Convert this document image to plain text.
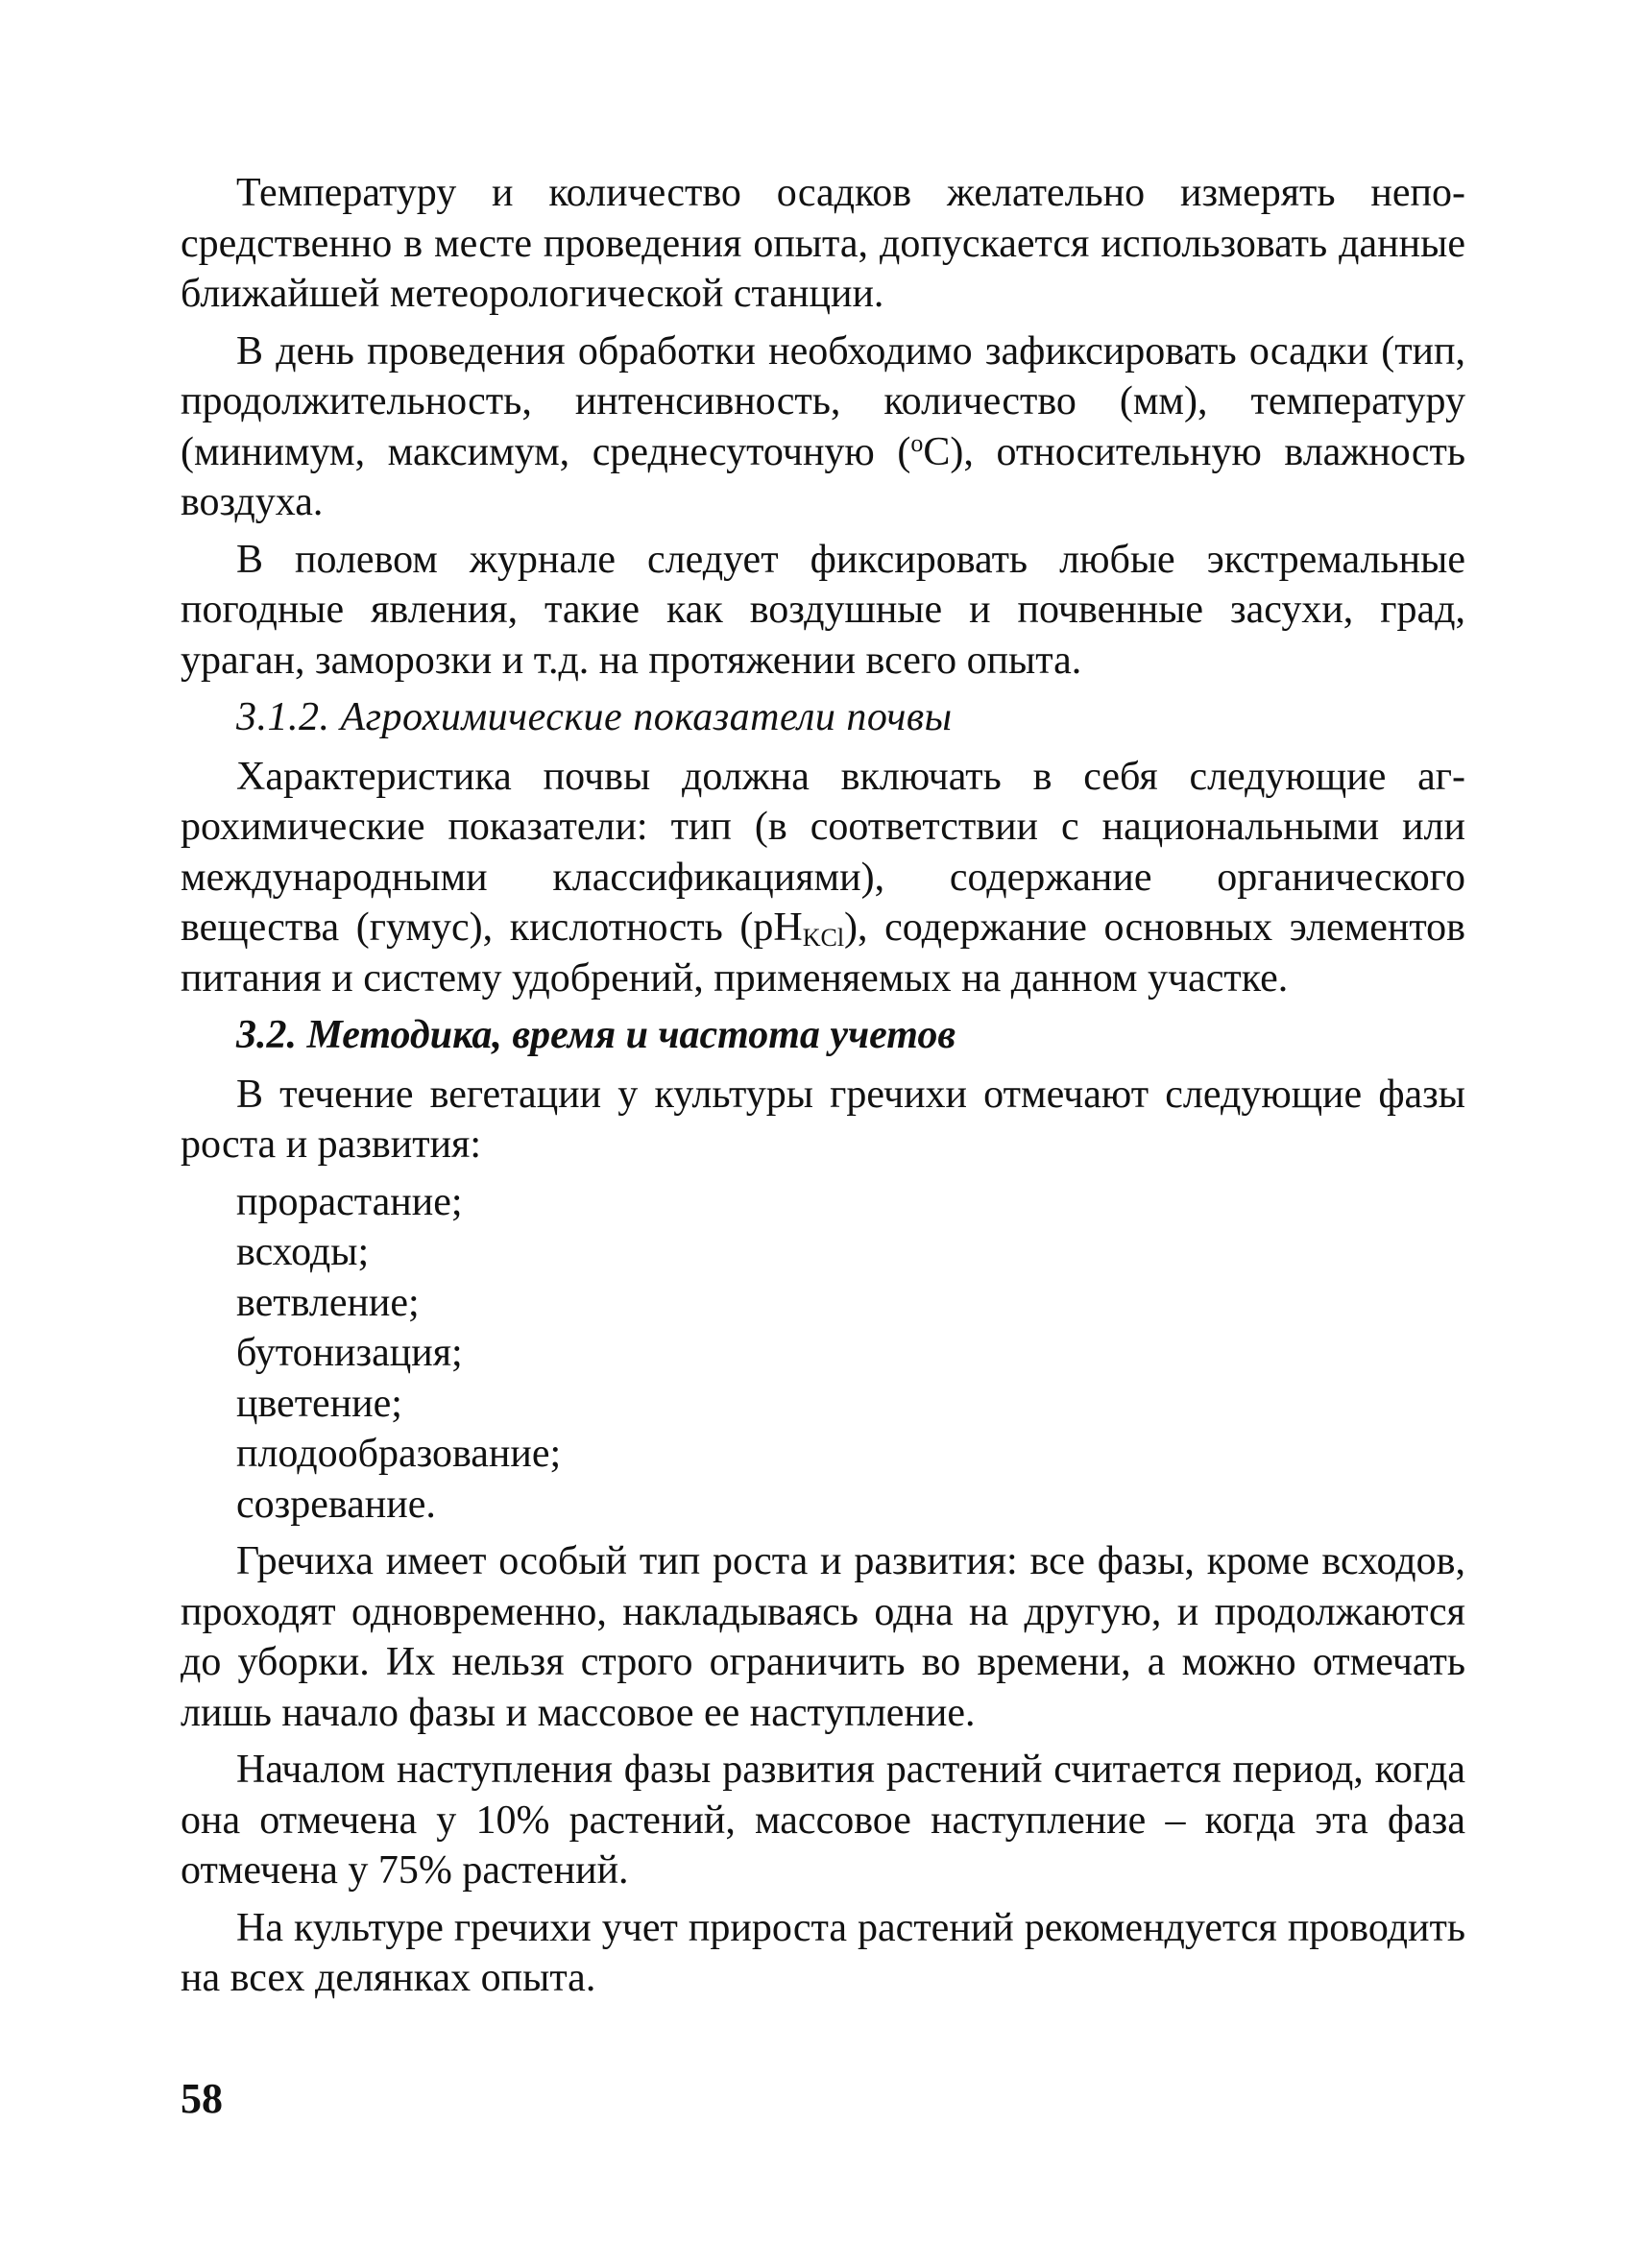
Температуру и количество осадков желательно измерять непосредственно в месте проведения опыта, допускается использовать данные ближайшей метеорологической станции.

В день проведения обработки необходимо зафиксировать осадки (тип, продолжительность, интенсивность, количество (мм), температуру (минимум, максимум, среднесуточную ($^o$С), относительную влажность воздуха.

В полевом журнале следует фиксировать любые экстремальные погодные явления, такие как воздушные и почвенные засухи, град, ураган, заморозки и т.д. на протяжении всего опыта.

3.1.2. Агрохимические показатели почвы

Характеристика почвы должна включать в себя следующие агрохимические показатели: тип (в соответствии с национальными или международными классификациями), содержание органического вещества (гумус), кислотность $(рН_{KCl})$, содержание основных элементов питания и систему удобрений, применяемых на данном участке.

3.2. Методика, время и частота учетов

В течение вегетации у культуры гречихи отмечают следующие фазы роста и развития:

прорастание;
всходы;
ветвление;
бутонизация;
цветение;
плодообразование;
созревание.

Гречиха имеет особый тип роста и развития: все фазы, кроме всходов, проходят одновременно, накладываясь одна на другую, и продолжаются до уборки. Их нельзя строго ограничить во времени, а можно отмечать лишь начало фазы и массовое ее наступление.

Началом наступления фазы развития растений считается период, когда она отмечена у 10% растений, массовое наступление – когда эта фаза отмечена у 75% растений.

На культуре гречихи учет прироста растений рекомендуется проводить на всех делянках опыта.

58
